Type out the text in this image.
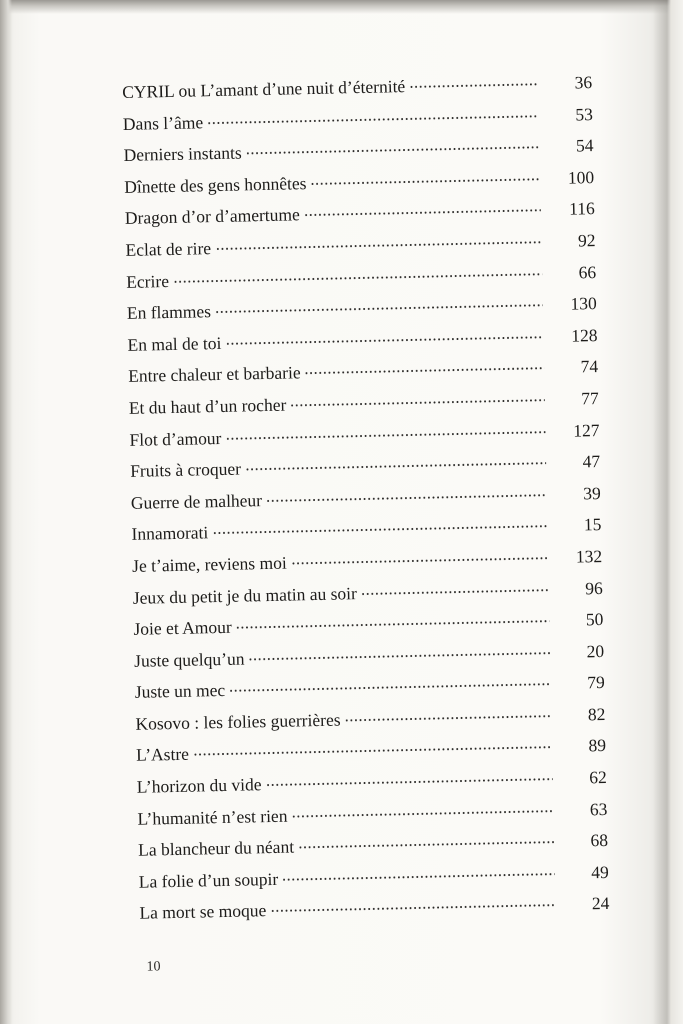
CYRIL ou L’amant d’une nuit d’éternité	36
Dans l’âme	53
Derniers instants	54
Dînette des gens honnêtes	100
Dragon d’or d’amertume	116
Eclat de rire	92
Ecrire	66
En flammes	130
En mal de toi	128
Entre chaleur et barbarie	74
Et du haut d’un rocher	77
Flot d’amour	127
Fruits à croquer	47
Guerre de malheur	39
Innamorati	15
Je t’aime, reviens moi	132
Jeux du petit je du matin au soir	96
Joie et Amour	50
Juste quelqu’un	20
Juste un mec	79
Kosovo : les folies guerrières	82
L’Astre	89
L’horizon du vide	62
L’humanité n’est rien	63
La blancheur du néant	68
La folie d’un soupir	49
La mort se moque	24
10
